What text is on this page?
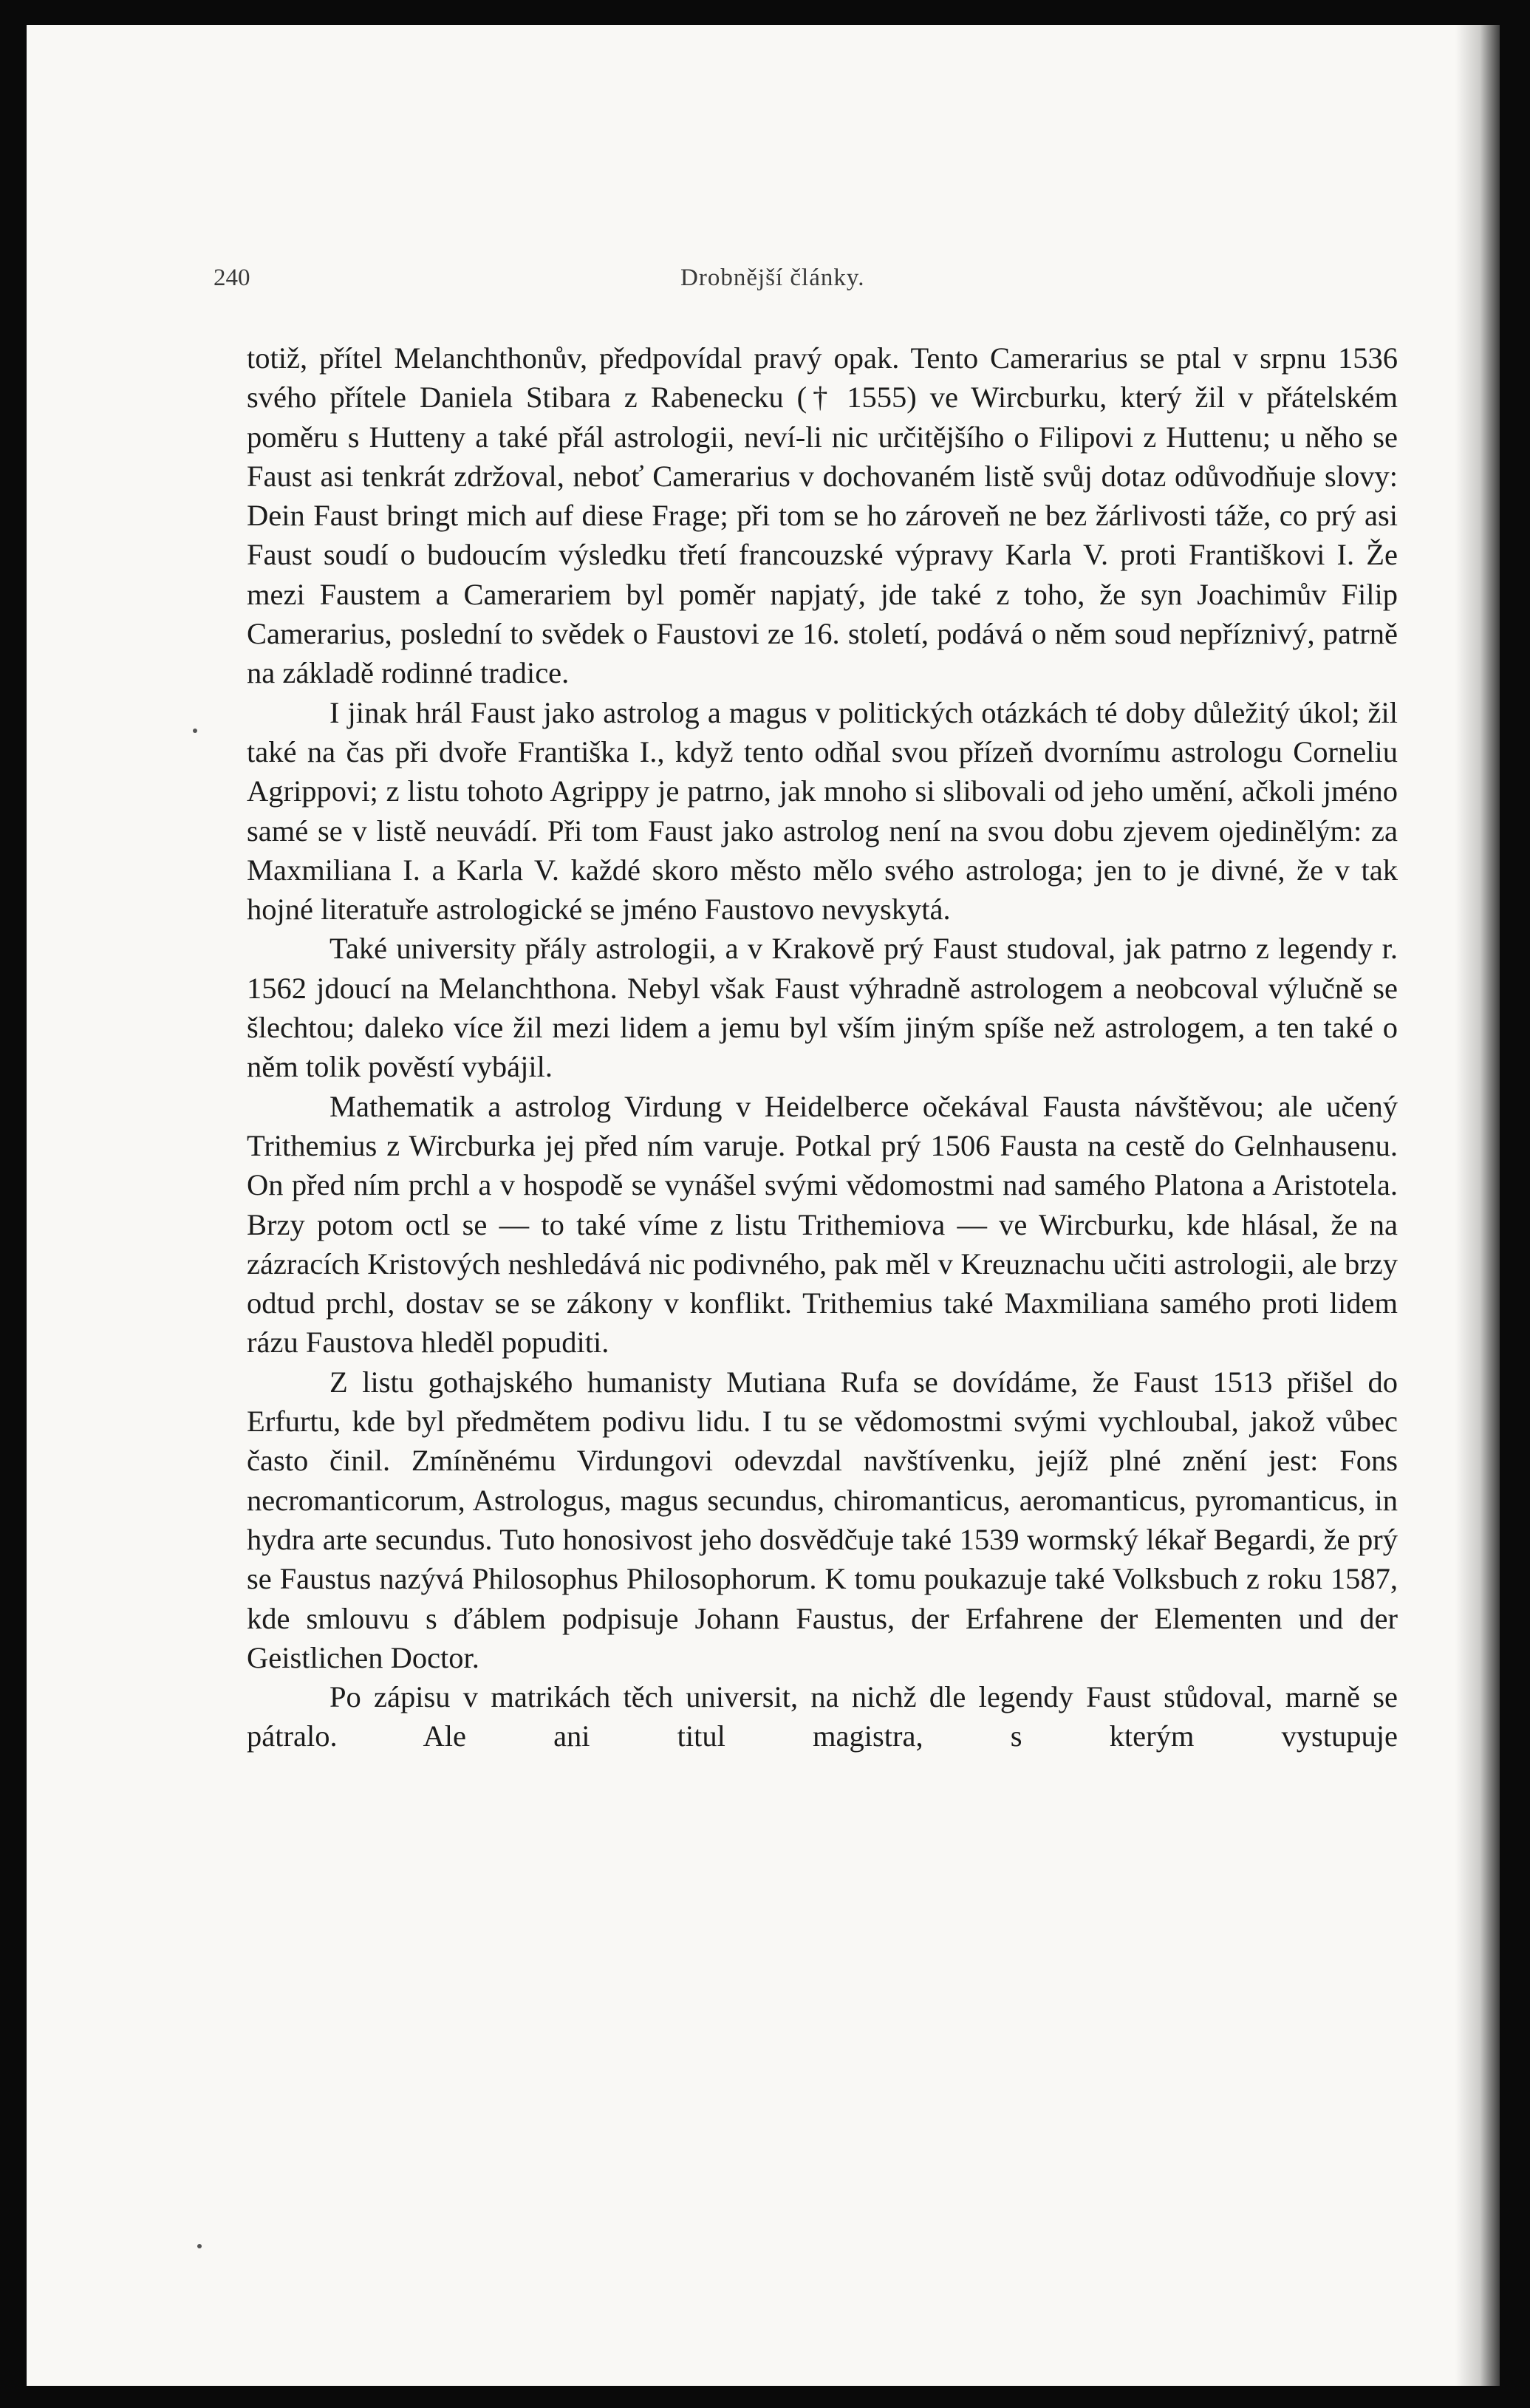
240	Drobnější články.

totiž, přítel Melanchthonův, předpovídal pravý opak. Tento Camerarius se ptal v srpnu 1536 svého přítele Daniela Stibara z Rabenecku († 1555) ve Wircburku, který žil v přátelském poměru s Hutteny a také přál astrologii, neví-li nic určitějšího o Filipovi z Huttenu; u něho se Faust asi tenkrát zdržoval, neboť Camerarius v dochovaném listě svůj dotaz odůvodňuje slovy: Dein Faust bringt mich auf diese Frage; při tom se ho zároveň ne bez žárlivosti táže, co prý asi Faust soudí o budoucím výsledku třetí francouzské výpravy Karla V. proti Františkovi I. Že mezi Faustem a Camerariem byl poměr napjatý, jde také z toho, že syn Joachimův Filip Camerarius, poslední to svědek o Faustovi ze 16. století, podává o něm soud nepříznivý, patrně na základě rodinné tradice.

I jinak hrál Faust jako astrolog a magus v politických otázkách té doby důležitý úkol; žil také na čas při dvoře Františka I., když tento odňal svou přízeň dvornímu astrologu Corneliu Agrippovi; z listu tohoto Agrippy je patrno, jak mnoho si slibovali od jeho umění, ačkoli jméno samé se v listě neuvádí. Při tom Faust jako astrolog není na svou dobu zjevem ojedinělým: za Maxmiliana I. a Karla V. každé skoro město mělo svého astrologa; jen to je divné, že v tak hojné literatuře astrologické se jméno Faustovo nevyskytá.

Také university přály astrologii, a v Krakově prý Faust studoval, jak patrno z legendy r. 1562 jdoucí na Melanchthona. Nebyl však Faust výhradně astrologem a neobcoval výlučně se šlechtou; daleko více žil mezi lidem a jemu byl vším jiným spíše než astrologem, a ten také o něm tolik pověstí vybájil.

Mathematik a astrolog Virdung v Heidelberce očekával Fausta návštěvou; ale učený Trithemius z Wircburka jej před ním varuje. Potkal prý 1506 Fausta na cestě do Gelnhausenu. On před ním prchl a v hospodě se vynášel svými vědomostmi nad samého Platona a Aristotela. Brzy potom octl se — to také víme z listu Trithemiova — ve Wircburku, kde hlásal, že na zázracích Kristových neshledává nic podivného, pak měl v Kreuznachu učiti astrologii, ale brzy odtud prchl, dostav se se zákony v konflikt. Trithemius také Maxmiliana samého proti lidem rázu Faustova hleděl popuditi.

Z listu gothajského humanisty Mutiana Rufa se dovídáme, že Faust 1513 přišel do Erfurtu, kde byl předmětem podivu lidu. I tu se vědomostmi svými vychloubal, jakož vůbec často činil. Zmíněnému Virdungovi odevzdal navštívenku, jejíž plné znění jest: Fons necromanticorum, Astrologus, magus secundus, chiromanticus, aeromanticus, pyromanticus, in hydra arte secundus. Tuto honosivost jeho dosvědčuje také 1539 wormský lékař Begardi, že prý se Faustus nazývá Philosophus Philosophorum. K tomu poukazuje také Volksbuch z roku 1587, kde smlouvu s ďáblem podpisuje Johann Faustus, der Erfahrene der Elementen und der Geistlichen Doctor.

Po zápisu v matrikách těch universit, na nichž dle legendy Faust stůdoval, marně se pátralo. Ale ani titul magistra, s kterým vystupuje
